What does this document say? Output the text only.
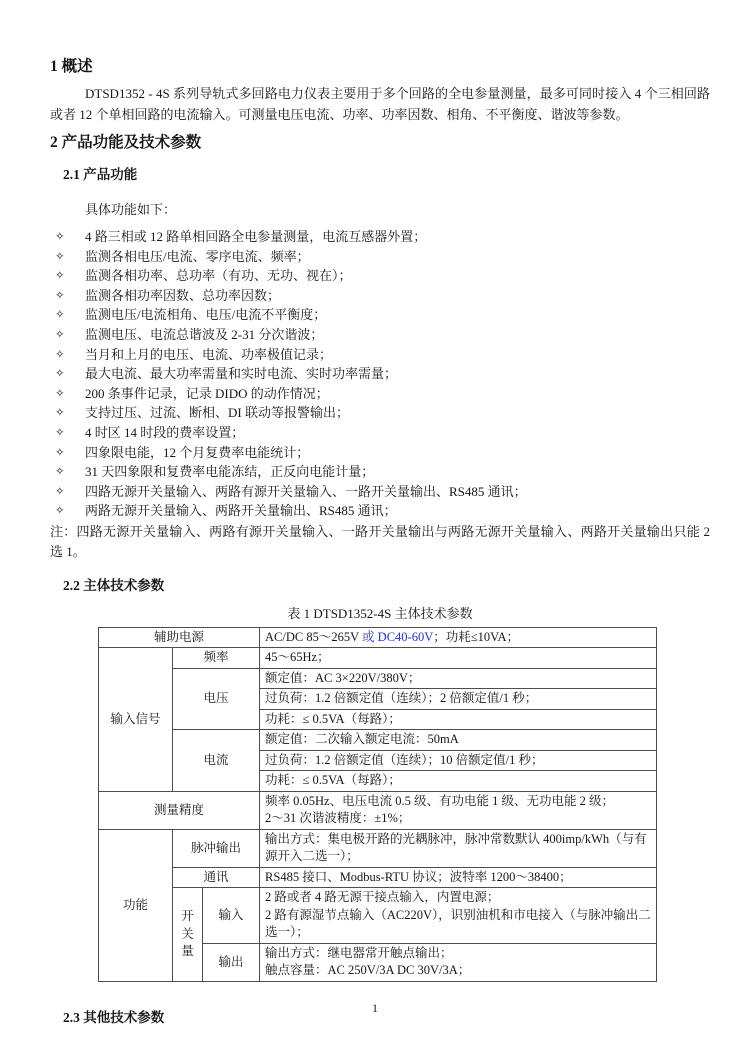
1 概述

DTSD1352 - 4S 系列导轨式多回路电力仪表主要用于多个回路的全电参量测量，最多可同时接入 4 个三相回路或者 12 个单相回路的电流输入。可测量电压电流、功率、功率因数、相角、不平衡度、谐波等参数。

2 产品功能及技术参数
2.1 产品功能

具体功能如下：

✧	4 路三相或 12 路单相回路全电参量测量，电流互感器外置；
✧	监测各相电压/电流、零序电流、频率；
✧	监测各相功率、总功率（有功、无功、视在）；
✧	监测各相功率因数、总功率因数；
✧	监测电压/电流相角、电压/电流不平衡度；
✧	监测电压、电流总谐波及 2-31 分次谐波；
✧	当月和上月的电压、电流、功率极值记录；
✧	最大电流、最大功率需量和实时电流、实时功率需量；
✧	200 条事件记录，记录 DIDO 的动作情况；
✧	支持过压、过流、断相、DI 联动等报警输出；
✧	4 时区 14 时段的费率设置；
✧	四象限电能，12 个月复费率电能统计；
✧	31 天四象限和复费率电能冻结，正反向电能计量；
✧	四路无源开关量输入、两路有源开关量输入、一路开关量输出、RS485 通讯；
✧	两路无源开关量输入、两路开关量输出、RS485 通讯；

注：四路无源开关量输入、两路有源开关量输入、一路开关量输出与两路无源开关量输入、两路开关量输出只能 2 选 1。

2.2 主体技术参数
表 1 DTSD1352-4S 主体技术参数
辅助电源			AC/DC 85～265V 或 DC40-60V；功耗≤10VA；
输入信号	频率		45～65Hz；
	电压		额定值：AC 3×220V/380V；
			过负荷：1.2 倍额定值（连续）；2 倍额定值/1 秒；
			功耗：≤ 0.5VA（每路）；
	电流		额定值：二次输入额定电流：50mA
			过负荷：1.2 倍额定值（连续）；10 倍额定值/1 秒；
			功耗：≤ 0.5VA（每路）；
测量精度			频率 0.05Hz、电压电流 0.5 级、有功电能 1 级、无功电能 2 级；
2～31 次谐波精度：±1%；

功能	脉冲输出		输出方式：集电极开路的光耦脉冲，脉冲常数默认 400imp/kWh（与有源开入二选一）；
	通讯		RS485 接口、Modbus-RTU 协议；波特率 1200～38400；
	开关量	输入	2 路或者 4 路无源干接点输入，内置电源；
2 路有源湿节点输入（AC220V），识别油机和市电接入（与脉冲输出二选一）；

		输出	输出方式：继电器常开触点输出；
触点容量：AC 250V/3A DC 30V/3A；
2.3 其他技术参数
1
